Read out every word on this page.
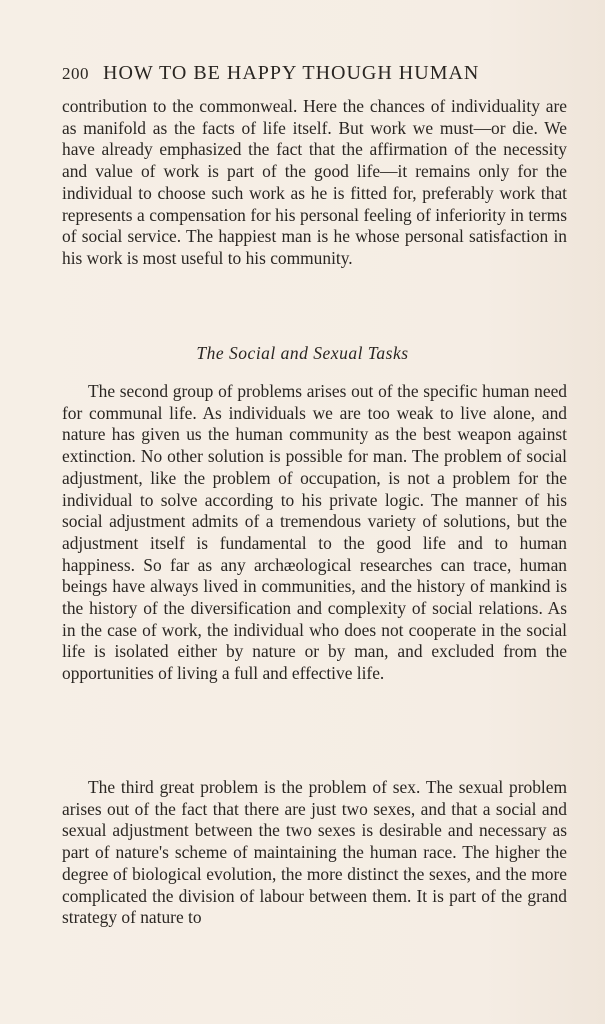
200 HOW TO BE HAPPY THOUGH HUMAN

contribution to the commonweal. Here the chances of individuality are as manifold as the facts of life itself. But work we must—or die. We have already emphasized the fact that the affirmation of the necessity and value of work is part of the good life—it remains only for the individual to choose such work as he is fitted for, preferably work that represents a compensation for his personal feeling of inferiority in terms of social service. The happiest man is he whose personal satisfaction in his work is most useful to his community.

The Social and Sexual Tasks

The second group of problems arises out of the specific human need for communal life. As individuals we are too weak to live alone, and nature has given us the human community as the best weapon against extinction. No other solution is possible for man. The problem of social adjustment, like the problem of occupation, is not a problem for the individual to solve according to his private logic. The manner of his social adjustment admits of a tremendous variety of solutions, but the adjustment itself is fundamental to the good life and to human happiness. So far as any archæological researches can trace, human beings have always lived in communities, and the history of mankind is the history of the diversification and complexity of social relations. As in the case of work, the individual who does not cooperate in the social life is isolated either by nature or by man, and excluded from the opportunities of living a full and effective life.

The third great problem is the problem of sex. The sexual problem arises out of the fact that there are just two sexes, and that a social and sexual adjustment between the two sexes is desirable and necessary as part of nature's scheme of maintaining the human race. The higher the degree of biological evolution, the more distinct the sexes, and the more complicated the division of labour between them. It is part of the grand strategy of nature to
